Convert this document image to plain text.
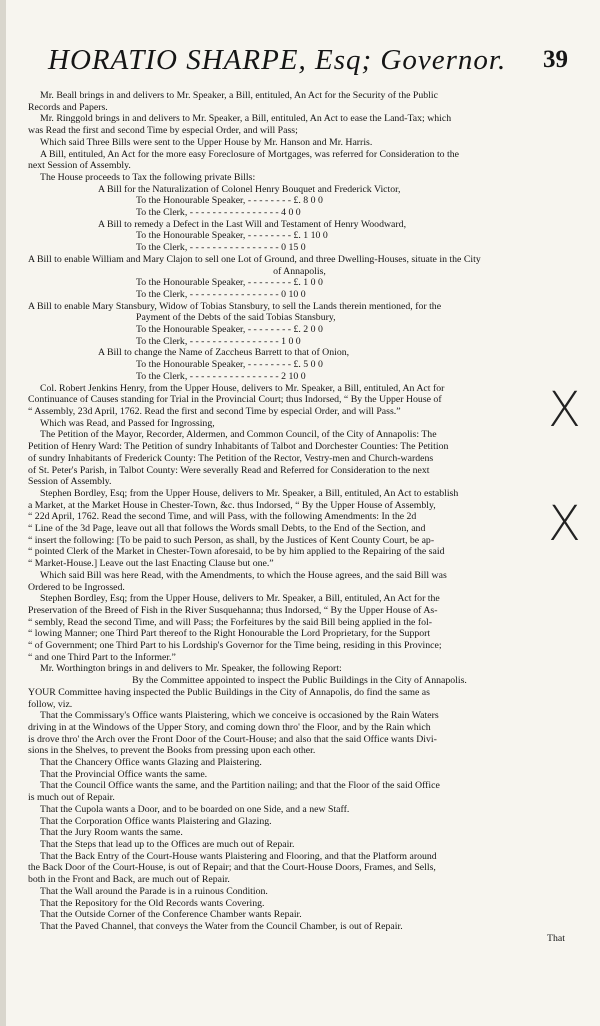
HORATIO SHARPE, Esq; Governor. 39

Mr. Beall brings in and delivers to Mr. Speaker, a Bill, entituled, An Act for the Security of the Public

Records and Papers.

Mr. Ringgold brings in and delivers to Mr. Speaker, a Bill, entituled, An Act to ease the Land-Tax; which

was Read the first and second Time by especial Order, and will Pass;

Which said Three Bills were sent to the Upper House by Mr. Hanson and Mr. Harris.

A Bill, entituled, An Act for the more easy Foreclosure of Mortgages, was referred for Consideration to the

next Session of Assembly.

The House proceeds to Tax the following private Bills:

A Bill for the Naturalization of Colonel Henry Bouquet and Frederick Victor,

To the Honourable Speaker, - - - - - - - - £. 8 0 0

To the Clerk, - - - - - - - - - - - - - - - - 4 0 0

A Bill to remedy a Defect in the Last Will and Testament of Henry Woodward,

To the Honourable Speaker, - - - - - - - - £. 1 10 0

To the Clerk, - - - - - - - - - - - - - - - - 0 15 0

A Bill to enable William and Mary Clajon to sell one Lot of Ground, and three Dwelling-Houses, situate in the City

of Annapolis,

To the Honourable Speaker, - - - - - - - - £. 1 0 0

To the Clerk, - - - - - - - - - - - - - - - - 0 10 0

A Bill to enable Mary Stansbury, Widow of Tobias Stansbury, to sell the Lands therein mentioned, for the

Payment of the Debts of the said Tobias Stansbury,

To the Honourable Speaker, - - - - - - - - £. 2 0 0

To the Clerk, - - - - - - - - - - - - - - - - 1 0 0

A Bill to change the Name of Zaccheus Barrett to that of Onion,

To the Honourable Speaker, - - - - - - - - £. 5 0 0

To the Clerk, - - - - - - - - - - - - - - - - 2 10 0

Col. Robert Jenkins Henry, from the Upper House, delivers to Mr. Speaker, a Bill, entituled, An Act for

Continuance of Causes standing for Trial in the Provincial Court; thus Indorsed, “ By the Upper House of

“ Assembly, 23d April, 1762. Read the first and second Time by especial Order, and will Pass.”

Which was Read, and Passed for Ingrossing,

The Petition of the Mayor, Recorder, Aldermen, and Common Council, of the City of Annapolis: The

Petition of Henry Ward: The Petition of sundry Inhabitants of Talbot and Dorchester Counties: The Petition

of sundry Inhabitants of Frederick County: The Petition of the Rector, Vestry-men and Church-wardens

of St. Peter's Parish, in Talbot County: Were severally Read and Referred for Consideration to the next

Session of Assembly.

Stephen Bordley, Esq; from the Upper House, delivers to Mr. Speaker, a Bill, entituled, An Act to establish

a Market, at the Market House in Chester-Town, &c. thus Indorsed, “ By the Upper House of Assembly,

“ 22d April, 1762. Read the second Time, and will Pass, with the following Amendments: In the 2d

“ Line of the 3d Page, leave out all that follows the Words small Debts, to the End of the Section, and

“ insert the following: [To be paid to such Person, as shall, by the Justices of Kent County Court, be ap-

“ pointed Clerk of the Market in Chester-Town aforesaid, to be by him applied to the Repairing of the said

“ Market-House.] Leave out the last Enacting Clause but one.”

Which said Bill was here Read, with the Amendments, to which the House agrees, and the said Bill was

Ordered to be Ingrossed.

Stephen Bordley, Esq; from the Upper House, delivers to Mr. Speaker, a Bill, entituled, An Act for the

Preservation of the Breed of Fish in the River Susquehanna; thus Indorsed, “ By the Upper House of As-

“ sembly, Read the second Time, and will Pass; the Forfeitures by the said Bill being applied in the fol-

“ lowing Manner; one Third Part thereof to the Right Honourable the Lord Proprietary, for the Support

“ of Government; one Third Part to his Lordship's Governor for the Time being, residing in this Province;

“ and one Third Part to the Informer.”

Mr. Worthington brings in and delivers to Mr. Speaker, the following Report:

By the Committee appointed to inspect the Public Buildings in the City of Annapolis.

YOUR Committee having inspected the Public Buildings in the City of Annapolis, do find the same as

follow, viz.

That the Commissary's Office wants Plaistering, which we conceive is occasioned by the Rain Waters

driving in at the Windows of the Upper Story, and coming down thro' the Floor, and by the Rain which

is drove thro' the Arch over the Front Door of the Court-House; and also that the said Office wants Divi-

sions in the Shelves, to prevent the Books from pressing upon each other.

That the Chancery Office wants Glazing and Plaistering.

That the Provincial Office wants the same.

That the Council Office wants the same, and the Partition nailing; and that the Floor of the said Office

is much out of Repair.

That the Cupola wants a Door, and to be boarded on one Side, and a new Staff.

That the Corporation Office wants Plaistering and Glazing.

That the Jury Room wants the same.

That the Steps that lead up to the Offices are much out of Repair.

That the Back Entry of the Court-House wants Plaistering and Flooring, and that the Platform around

the Back Door of the Court-House, is out of Repair; and that the Court-House Doors, Frames, and Sells,

both in the Front and Back, are much out of Repair.

That the Wall around the Parade is in a ruinous Condition.

That the Repository for the Old Records wants Covering.

That the Outside Corner of the Conference Chamber wants Repair.

That the Paved Channel, that conveys the Water from the Council Chamber, is out of Repair.

That

X
X
